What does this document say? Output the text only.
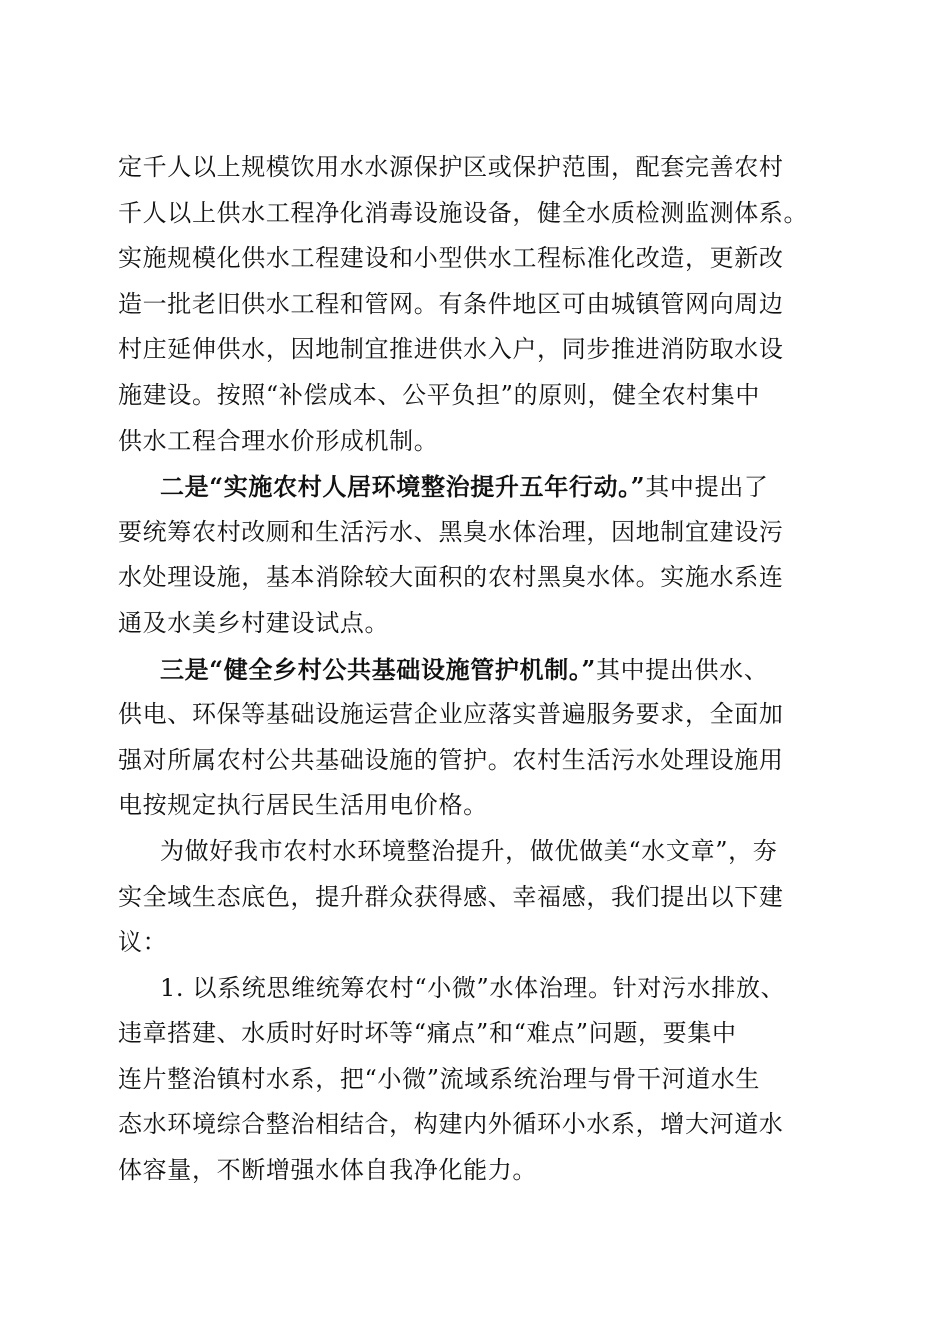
定千人以上规模饮用水水源保护区或保护范围，配套完善农村
千人以上供水工程净化消毒设施设备，健全水质检测监测体系。
实施规模化供水工程建设和小型供水工程标准化改造，更新改
造一批老旧供水工程和管网。有条件地区可由城镇管网向周边
村庄延伸供水，因地制宜推进供水入户，同步推进消防取水设
施建设。按照“补偿成本、公平负担”的原则，健全农村集中
供水工程合理水价形成机制。
二是“实施农村人居环境整治提升五年行动。”其中提出了
要统筹农村改厕和生活污水、黑臭水体治理，因地制宜建设污
水处理设施，基本消除较大面积的农村黑臭水体。实施水系连
通及水美乡村建设试点。
三是“健全乡村公共基础设施管护机制。”其中提出供水、
供电、环保等基础设施运营企业应落实普遍服务要求，全面加
强对所属农村公共基础设施的管护。农村生活污水处理设施用
电按规定执行居民生活用电价格。
为做好我市农村水环境整治提升，做优做美“水文章”，夯
实全域生态底色，提升群众获得感、幸福感，我们提出以下建
议：
1. 以系统思维统筹农村“小微”水体治理。针对污水排放、
违章搭建、水质时好时坏等“痛点”和“难点”问题，要集中
连片整治镇村水系，把“小微”流域系统治理与骨干河道水生
态水环境综合整治相结合，构建内外循环小水系，增大河道水
体容量，不断增强水体自我净化能力。
